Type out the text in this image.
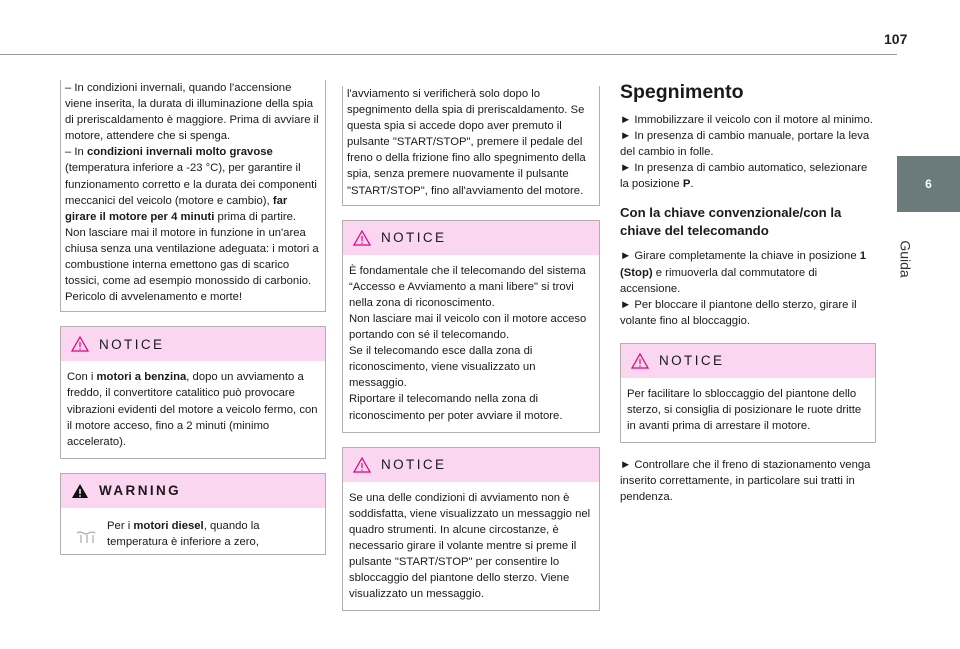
107
6
Guida

– In condizioni invernali, quando l'accensione viene inserita, la durata di illuminazione della spia di preriscaldamento è maggiore. Prima di avviare il motore, attendere che si spenga.
– In condizioni invernali molto gravose (temperatura inferiore a -23 °C), per garantire il funzionamento corretto e la durata dei componenti meccanici del veicolo (motore e cambio), far girare il motore per 4 minuti prima di partire.
Non lasciare mai il motore in funzione in un'area chiusa senza una ventilazione adeguata: i motori a combustione interna emettono gas di scarico tossici, come ad esempio monossido di carbonio. Pericolo di avvelenamento e morte!

NOTICE

Con i motori a benzina, dopo un avviamento a freddo, il convertitore catalitico può provocare vibrazioni evidenti del motore a veicolo fermo, con il motore acceso, fino a 2 minuti (minimo accelerato).

WARNING

Per i motori diesel, quando la temperatura è inferiore a zero,

l'avviamento si verificherà solo dopo lo spegnimento della spia di preriscaldamento. Se questa spia si accede dopo aver premuto il pulsante "START/STOP", premere il pedale del freno o della frizione fino allo spegnimento della spia, senza premere nuovamente il pulsante "START/STOP", fino all'avviamento del motore.

NOTICE

È fondamentale che il telecomando del sistema “Accesso e Avviamento a mani libere" si trovi nella zona di riconoscimento.
Non lasciare mai il veicolo con il motore acceso portando con sé il telecomando.
Se il telecomando esce dalla zona di riconoscimento, viene visualizzato un messaggio.
Riportare il telecomando nella zona di riconoscimento per poter avviare il motore.

NOTICE

Se una delle condizioni di avviamento non è soddisfatta, viene visualizzato un messaggio nel quadro strumenti. In alcune circostanze, è necessario girare il volante mentre si preme il pulsante "START/STOP" per consentire lo sbloccaggio del piantone dello sterzo. Viene visualizzato un messaggio.

Spegnimento

► Immobilizzare il veicolo con il motore al minimo.
► In presenza di cambio manuale, portare la leva del cambio in folle.
► In presenza di cambio automatico, selezionare la posizione P.

Con la chiave convenzionale/con la chiave del telecomando

► Girare completamente la chiave in posizione 1 (Stop) e rimuoverla dal commutatore di accensione.
► Per bloccare il piantone dello sterzo, girare il volante fino al bloccaggio.

NOTICE

Per facilitare lo sbloccaggio del piantone dello sterzo, si consiglia di posizionare le ruote dritte in avanti prima di arrestare il motore.

► Controllare che il freno di stazionamento venga inserito correttamente, in particolare sui tratti in pendenza.
